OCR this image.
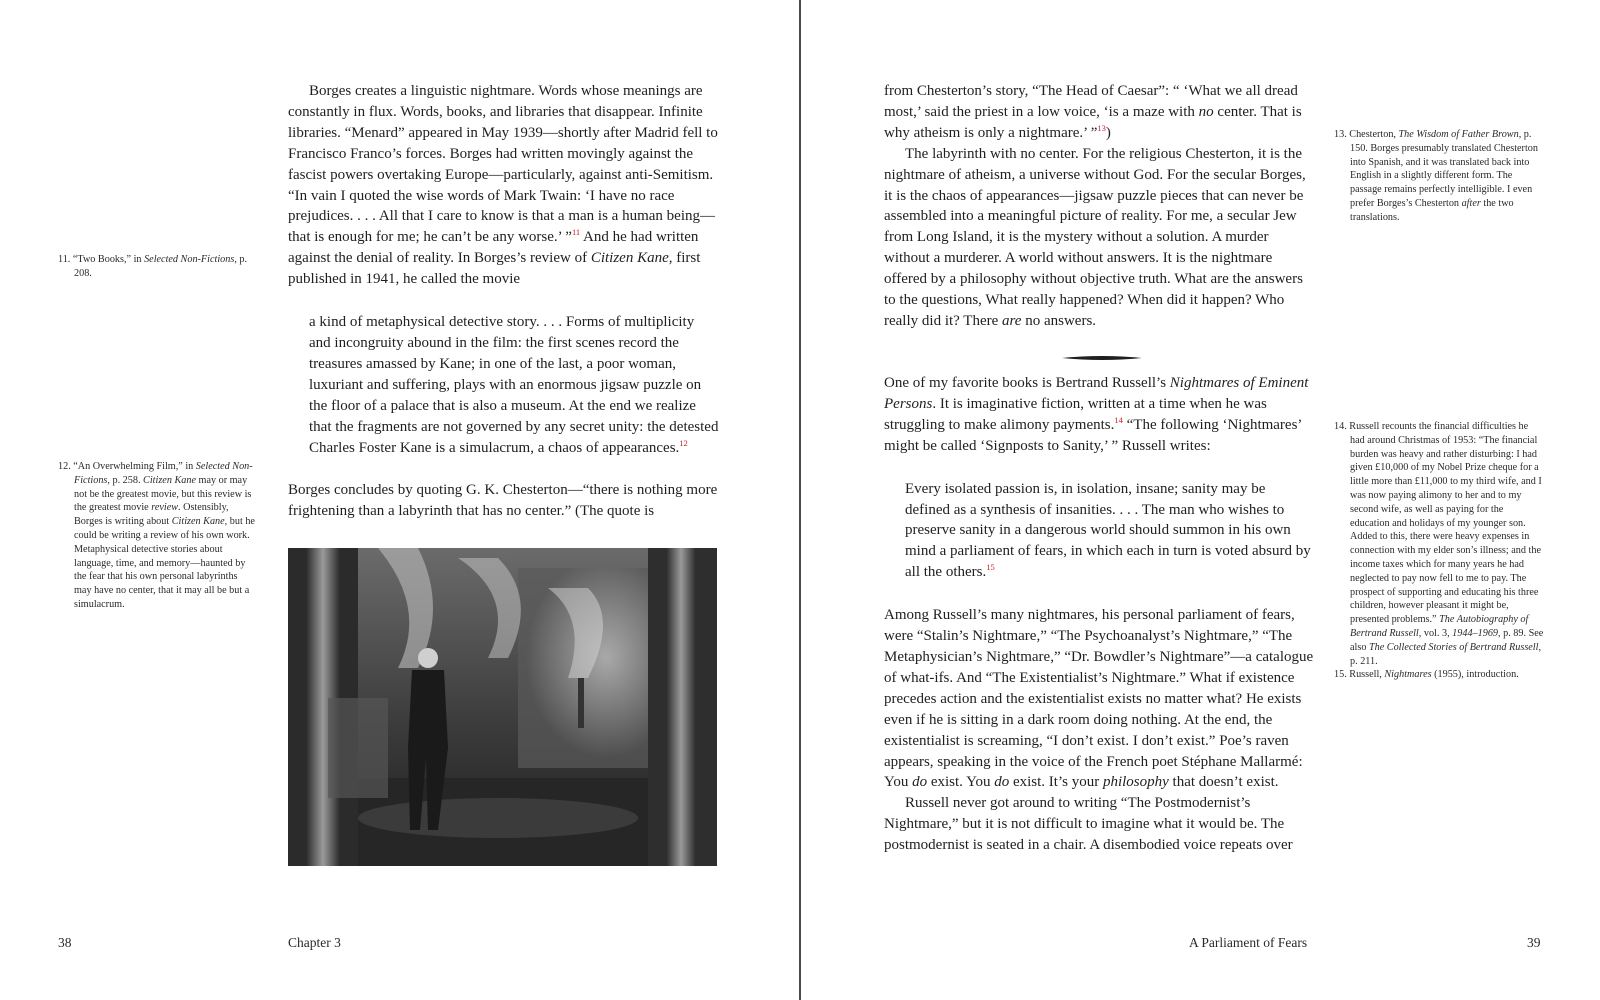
Borges creates a linguistic nightmare. Words whose meanings are constantly in flux. Words, books, and libraries that disappear. Infinite libraries. “Menard” appeared in May 1939—shortly after Madrid fell to Francisco Franco’s forces. Borges had written movingly against the fascist powers overtaking Europe—particularly, against anti-Semitism. “In vain I quoted the wise words of Mark Twain: ‘I have no race prejudices. . . . All that I care to know is that a man is a human being—that is enough for me; he can’t be any worse.’ ”$^{11}$ And he had written against the denial of reality. In Borges’s review of Citizen Kane, first published in 1941, he called the movie

a kind of metaphysical detective story. . . . Forms of multiplicity and incongruity abound in the film: the first scenes record the treasures amassed by Kane; in one of the last, a poor woman, luxuriant and suffering, plays with an enormous jigsaw puzzle on the floor of a palace that is also a museum. At the end we realize that the fragments are not governed by any secret unity: the detested Charles Foster Kane is a simulacrum, a chaos of appearances.$^{12}$

Borges concludes by quoting G. K. Chesterton—“there is nothing more frightening than a labyrinth that has no center.” (The quote is

11. “Two Books,” in Selected Non-Fictions, p. 208.

12. “An Overwhelming Film,” in Selected Non-Fictions, p. 258. Citizen Kane may or may not be the greatest movie, but this review is the greatest movie review. Ostensibly, Borges is writing about Citizen Kane, but he could be writing a review of his own work. Metaphysical detective stories about language, time, and memory—haunted by the fear that his own personal labyrinths may have no center, that it may all be but a simulacrum.

38	Chapter 3

from Chesterton’s story, “The Head of Caesar”: “ ‘What we all dread most,’ said the priest in a low voice, ‘is a maze with no center. That is why atheism is only a nightmare.’ ”$^{13}$)

The labyrinth with no center. For the religious Chesterton, it is the nightmare of atheism, a universe without God. For the secular Borges, it is the chaos of appearances—jigsaw puzzle pieces that can never be assembled into a meaningful picture of reality. For me, a secular Jew from Long Island, it is the mystery without a solution. A murder without a murderer. A world without answers. It is the nightmare offered by a philosophy without objective truth. What are the answers to the questions, What really happened? When did it happen? Who really did it? There are no answers.

One of my favorite books is Bertrand Russell’s Nightmares of Eminent Persons. It is imaginative fiction, written at a time when he was struggling to make alimony payments.$^{14}$ “The following ‘Nightmares’ might be called ‘Signposts to Sanity,’ ” Russell writes:

Every isolated passion is, in isolation, insane; sanity may be defined as a synthesis of insanities. . . . The man who wishes to preserve sanity in a dangerous world should summon in his own mind a parliament of fears, in which each in turn is voted absurd by all the others.$^{15}$

Among Russell’s many nightmares, his personal parliament of fears, were “Stalin’s Nightmare,” “The Psychoanalyst’s Nightmare,” “The Metaphysician’s Nightmare,” “Dr. Bowdler’s Nightmare”—a catalogue of what-ifs. And “The Existentialist’s Nightmare.” What if existence precedes action and the existentialist exists no matter what? He exists even if he is sitting in a dark room doing nothing. At the end, the existentialist is screaming, “I don’t exist. I don’t exist.” Poe’s raven appears, speaking in the voice of the French poet Stéphane Mallarmé: You do exist. You do exist. It’s your philosophy that doesn’t exist.

Russell never got around to writing “The Postmodernist’s Nightmare,” but it is not difficult to imagine what it would be. The postmodernist is seated in a chair. A disembodied voice repeats over

13. Chesterton, The Wisdom of Father Brown, p. 150. Borges presumably translated Chesterton into Spanish, and it was translated back into English in a slightly different form. The passage remains perfectly intelligible. I even prefer Borges’s Chesterton after the two translations.

14. Russell recounts the financial difficulties he had around Christmas of 1953: “The financial burden was heavy and rather disturbing: I had given £10,000 of my Nobel Prize cheque for a little more than £11,000 to my third wife, and I was now paying alimony to her and to my second wife, as well as paying for the education and holidays of my younger son. Added to this, there were heavy expenses in connection with my elder son’s illness; and the income taxes which for many years he had neglected to pay now fell to me to pay. The prospect of supporting and educating his three children, however pleasant it might be, presented problems.” The Autobiography of Bertrand Russell, vol. 3, 1944–1969, p. 89. See also The Collected Stories of Bertrand Russell, p. 211.

15. Russell, Nightmares (1955), introduction.

A Parliament of Fears	39
